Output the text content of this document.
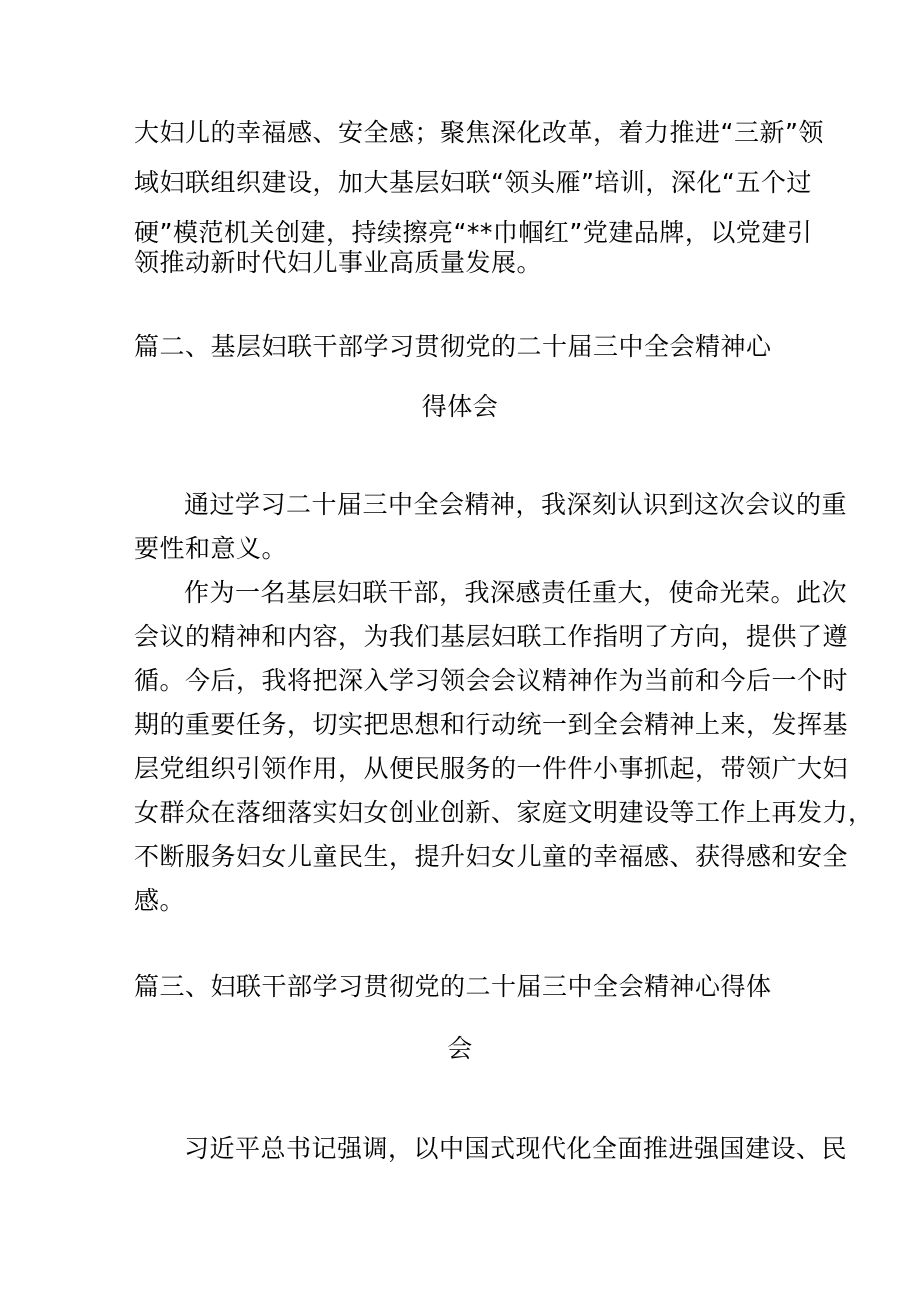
大妇儿的幸福感、安全感；聚焦深化改革，着力推进“三新”领
域妇联组织建设，加大基层妇联“领头雁”培训，深化“五个过
硬”模范机关创建，持续擦亮“**巾帼红”党建品牌，以党建引
领推动新时代妇儿事业高质量发展。
篇二、基层妇联干部学习贯彻党的二十届三中全会精神心
得体会
通过学习二十届三中全会精神，我深刻认识到这次会议的重
要性和意义。
作为一名基层妇联干部，我深感责任重大，使命光荣。此次
会议的精神和内容，为我们基层妇联工作指明了方向，提供了遵
循。今后，我将把深入学习领会会议精神作为当前和今后一个时
期的重要任务，切实把思想和行动统一到全会精神上来，发挥基
层党组织引领作用，从便民服务的一件件小事抓起，带领广大妇
女群众在落细落实妇女创业创新、家庭文明建设等工作上再发力，
不断服务妇女儿童民生，提升妇女儿童的幸福感、获得感和安全
感。
篇三、妇联干部学习贯彻党的二十届三中全会精神心得体
会
习近平总书记强调，以中国式现代化全面推进强国建设、民
